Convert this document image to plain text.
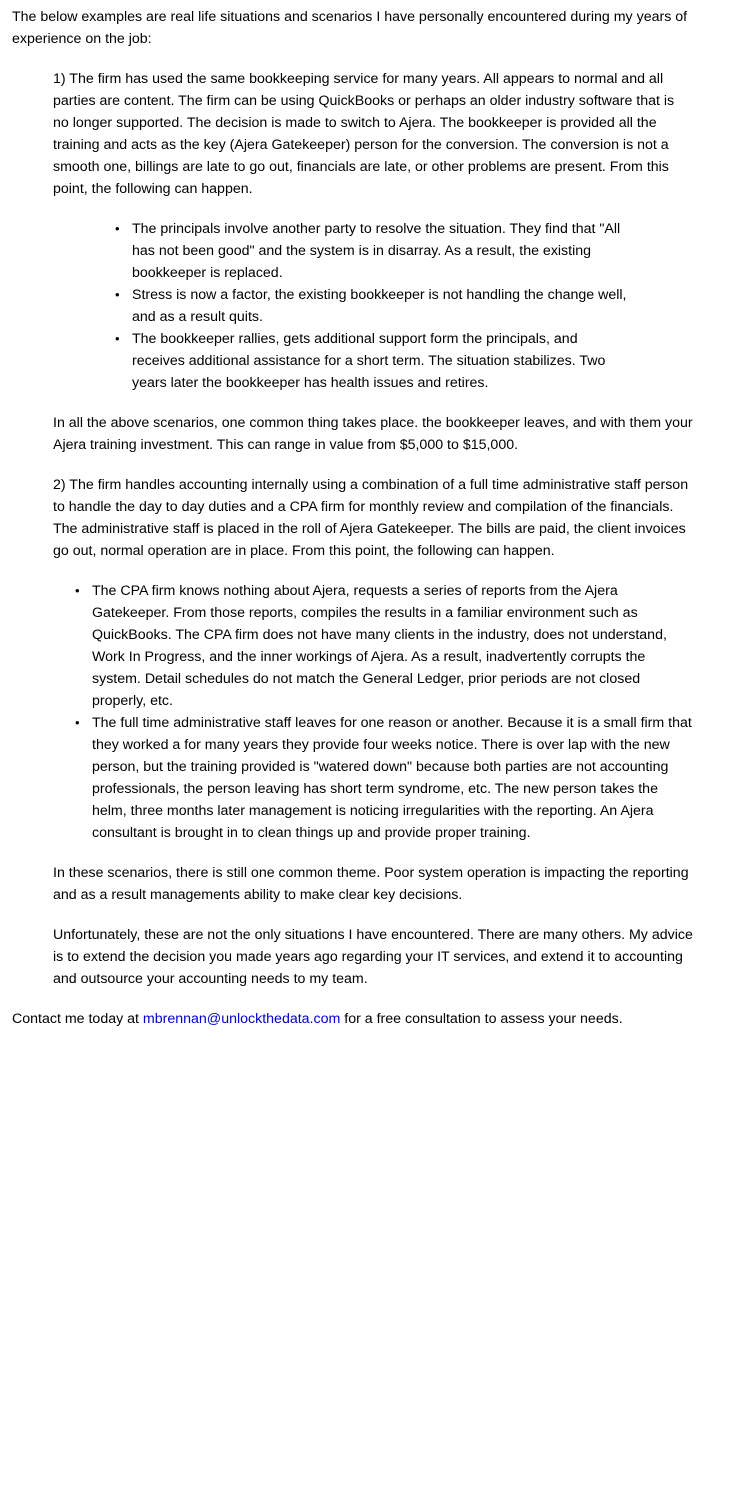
The below examples are real life situations and scenarios I have personally encountered during my years of experience on the job:

1) The firm has used the same bookkeeping service for many years. All appears to normal and all parties are content. The firm can be using QuickBooks or perhaps an older industry software that is no longer supported. The decision is made to switch to Ajera. The bookkeeper is provided all the training and acts as the key (Ajera Gatekeeper) person for the conversion. The conversion is not a smooth one, billings are late to go out, financials are late, or other problems are present. From this point, the following can happen.

• The principals involve another party to resolve the situation. They find that "All has not been good" and the system is in disarray. As a result, the existing bookkeeper is replaced.
• Stress is now a factor, the existing bookkeeper is not handling the change well, and as a result quits.
• The bookkeeper rallies, gets additional support form the principals, and receives additional assistance for a short term. The situation stabilizes. Two years later the bookkeeper has health issues and retires.

In all the above scenarios, one common thing takes place. the bookkeeper leaves, and with them your Ajera training investment. This can range in value from $5,000 to $15,000.

2) The firm handles accounting internally using a combination of a full time administrative staff person to handle the day to day duties and a CPA firm for monthly review and compilation of the financials. The administrative staff is placed in the roll of Ajera Gatekeeper. The bills are paid, the client invoices go out, normal operation are in place. From this point, the following can happen.

• The CPA firm knows nothing about Ajera, requests a series of reports from the Ajera Gatekeeper. From those reports, compiles the results in a familiar environment such as QuickBooks. The CPA firm does not have many clients in the industry, does not understand, Work In Progress, and the inner workings of Ajera. As a result, inadvertently corrupts the system. Detail schedules do not match the General Ledger, prior periods are not closed properly, etc.
• The full time administrative staff leaves for one reason or another. Because it is a small firm that they worked a for many years they provide four weeks notice. There is over lap with the new person, but the training provided is "watered down" because both parties are not accounting professionals, the person leaving has short term syndrome, etc. The new person takes the helm, three months later management is noticing irregularities with the reporting. An Ajera consultant is brought in to clean things up and provide proper training.

In these scenarios, there is still one common theme. Poor system operation is impacting the reporting and as a result managements ability to make clear key decisions.

Unfortunately, these are not the only situations I have encountered. There are many others. My advice is to extend the decision you made years ago regarding your IT services, and extend it to accounting and outsource your accounting needs to my team.

Contact me today at mbrennan@unlockthedata.com for a free consultation to assess your needs.
